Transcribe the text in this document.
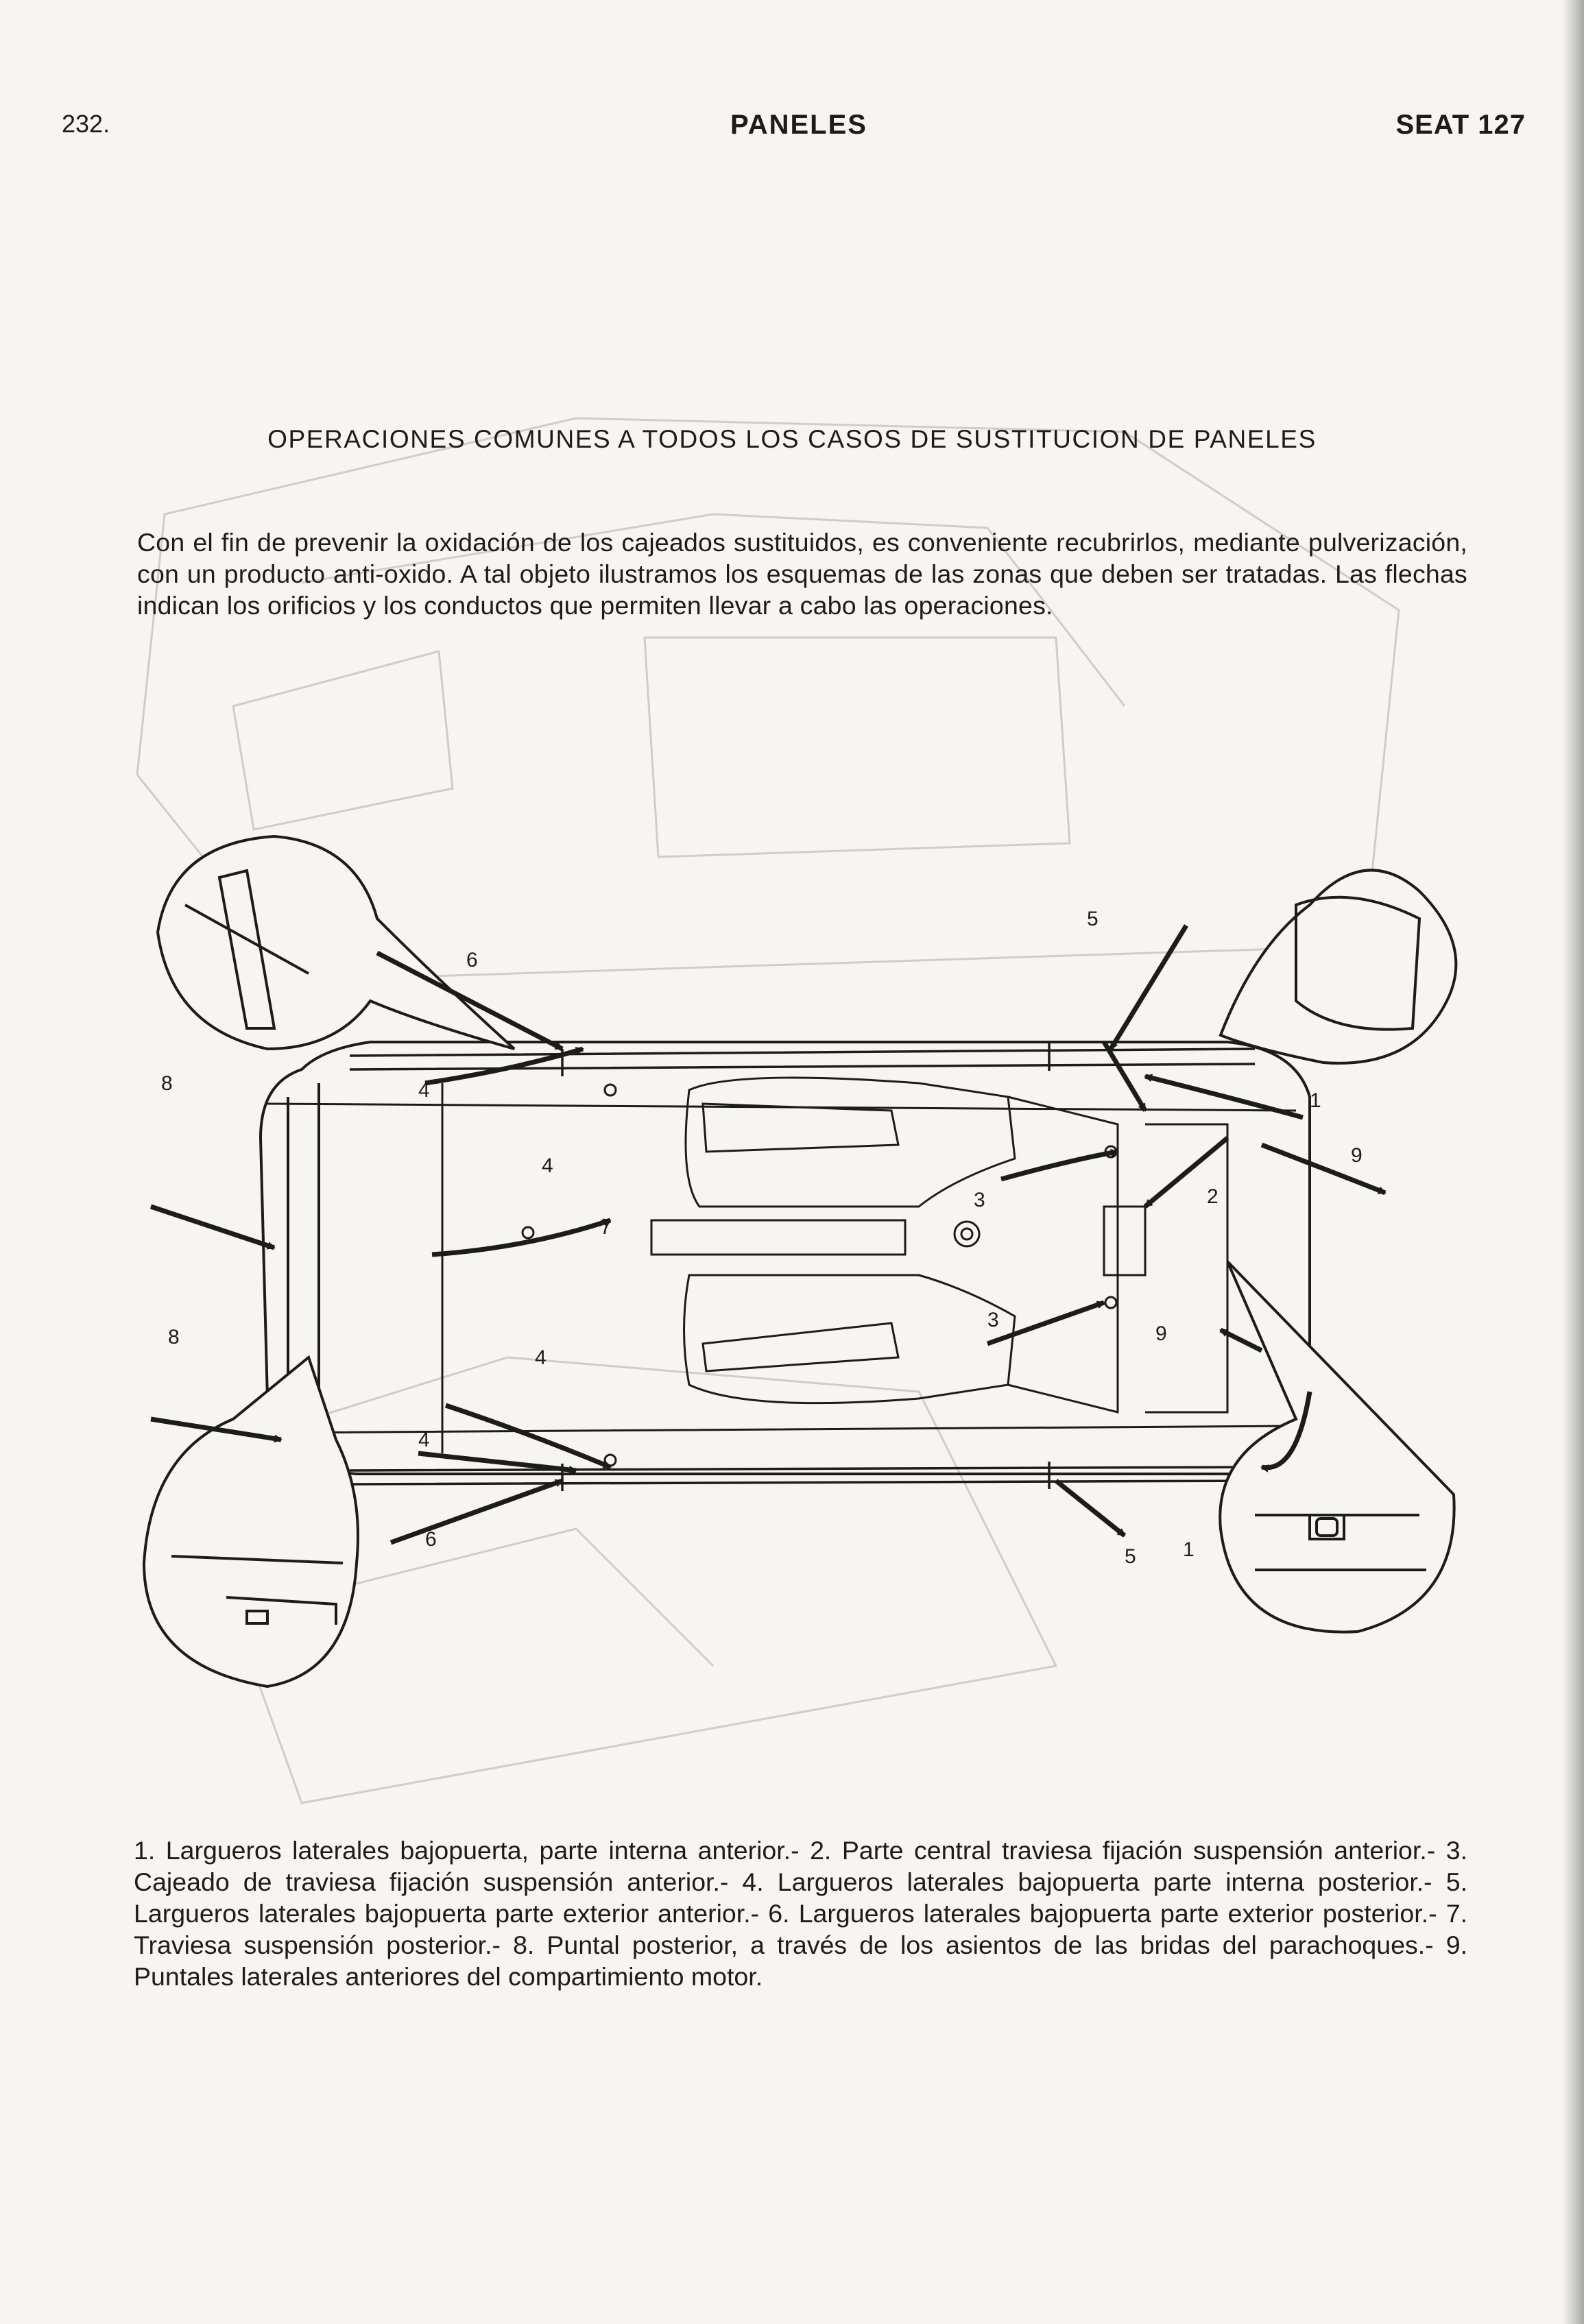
232.	PANELES	SEAT 127
OPERACIONES COMUNES A TODOS LOS CASOS DE SUSTITUCION DE PANELES
Con el fin de prevenir la oxidación de los cajeados sustituidos, es conveniente recubrirlos, mediante pulverización, con un producto anti-oxido. A tal objeto ilustramos los esquemas de las zonas que deben ser tratadas. Las flechas indican los orificios y los conductos que permiten llevar a cabo las operaciones.
1
1
2
3
3
4
4
4
4
5
5
6
6
7
8
8
9
9
1. Largueros laterales bajopuerta, parte interna anterior.- 2. Parte central traviesa fijación suspensión anterior.- 3. Cajeado de traviesa fijación suspensión anterior.- 4. Largueros laterales bajopuerta parte interna posterior.- 5. Largueros laterales bajopuerta parte exterior anterior.- 6. Largueros laterales bajopuerta parte exterior posterior.- 7. Traviesa suspensión posterior.- 8. Puntal posterior, a través de los asientos de las bridas del parachoques.- 9. Puntales laterales anteriores del compartimiento motor.
